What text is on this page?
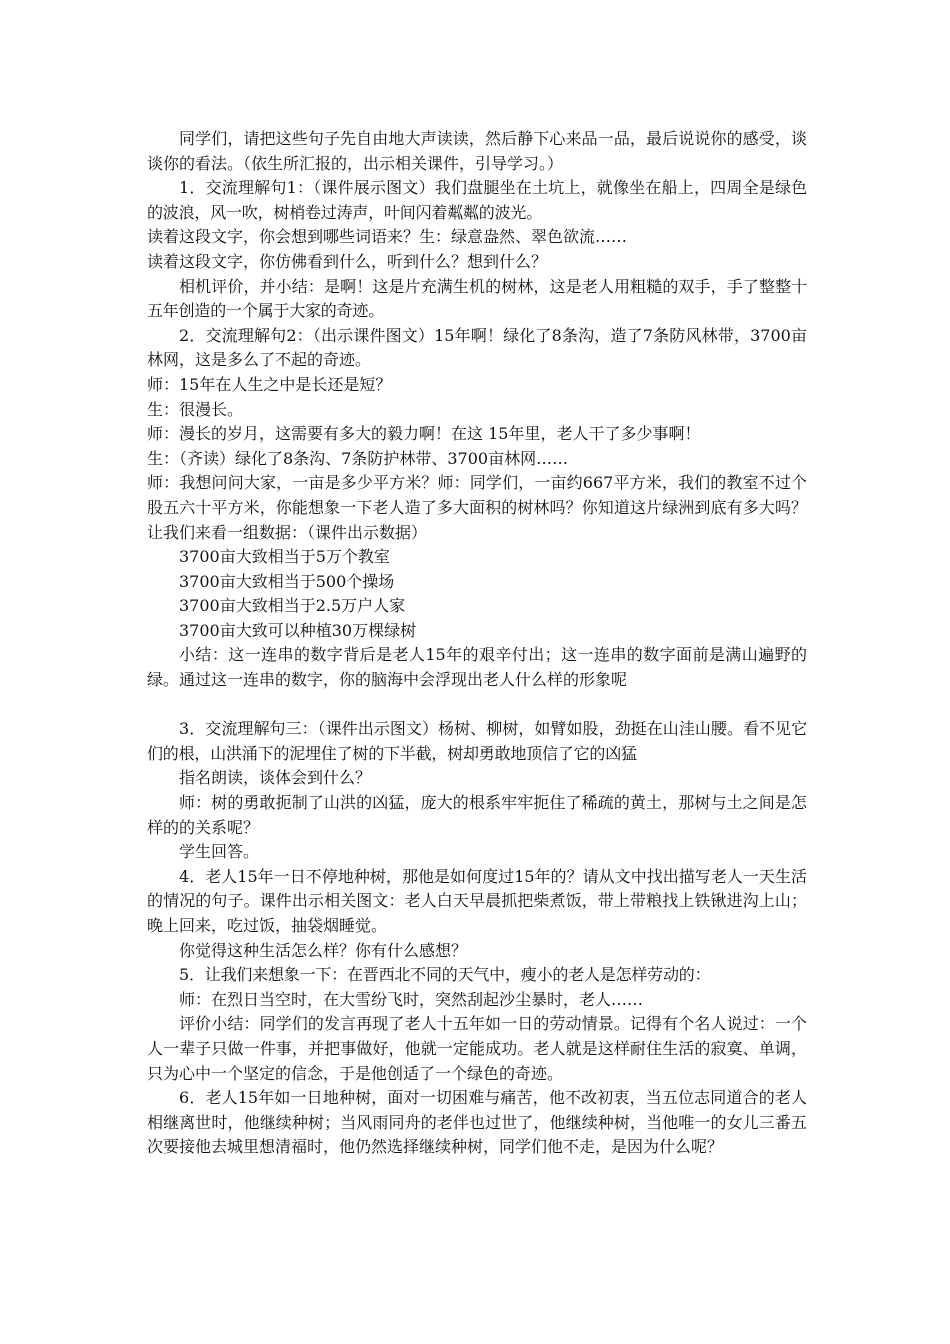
同学们，请把这些句子先自由地大声读读，然后静下心来品一品，最后说说你的感受，谈谈你的看法。（依生所汇报的，出示相关课件，引导学习。）

1．交流理解句1：（课件展示图文）我们盘腿坐在土坑上，就像坐在船上，四周全是绿色的波浪，风一吹，树梢卷过涛声，叶间闪着粼粼的波光。

读着这段文字，你会想到哪些词语来？生：绿意盎然、翠色欲流……

读着这段文字，你仿佛看到什么，听到什么？想到什么？

相机评价，并小结：是啊！这是片充满生机的树林，这是老人用粗糙的双手，手了整整十五年创造的一个属于大家的奇迹。

2．交流理解句2：（出示课件图文）15年啊！绿化了8条沟，造了7条防风林带，3700亩林网，这是多么了不起的奇迹。

师：15年在人生之中是长还是短？

生：很漫长。

师：漫长的岁月，这需要有多大的毅力啊！在这 15年里，老人干了多少事啊！

生：（齐读）绿化了8条沟、7条防护林带、3700亩林网……

师：我想问问大家，一亩是多少平方米？师：同学们，一亩约667平方米，我们的教室不过个股五六十平方米，你能想象一下老人造了多大面积的树林吗？你知道这片绿洲到底有多大吗？让我们来看一组数据：（课件出示数据）

3700亩大致相当于5万个教室

3700亩大致相当于500个操场

3700亩大致相当于2.5万户人家

3700亩大致可以种植30万棵绿树

小结：这一连串的数字背后是老人15年的艰辛付出；这一连串的数字面前是满山遍野的绿。通过这一连串的数字，你的脑海中会浮现出老人什么样的形象呢

3．交流理解句三：（课件出示图文）杨树、柳树，如臂如股，劲挺在山洼山腰。看不见它们的根，山洪涌下的泥埋住了树的下半截，树却勇敢地顶信了它的凶猛

指名朗读，谈体会到什么？

师：树的勇敢扼制了山洪的凶猛，庞大的根系牢牢扼住了稀疏的黄土，那树与土之间是怎样的的关系呢？

学生回答。

4．老人15年一日不停地种树，那他是如何度过15年的？请从文中找出描写老人一天生活的情况的句子。课件出示相关图文：老人白天早晨抓把柴煮饭，带上带粮找上铁锹进沟上山；晚上回来，吃过饭，抽袋烟睡觉。

你觉得这种生活怎么样？你有什么感想？

5．让我们来想象一下：在晋西北不同的天气中，瘦小的老人是怎样劳动的：

师：在烈日当空时，在大雪纷飞时，突然刮起沙尘暴时，老人……

评价小结：同学们的发言再现了老人十五年如一日的劳动情景。记得有个名人说过：一个人一辈子只做一件事，并把事做好，他就一定能成功。老人就是这样耐住生活的寂寞、单调，只为心中一个坚定的信念，于是他创适了一个绿色的奇迹。

6．老人15年如一日地种树，面对一切困难与痛苦，他不改初衷，当五位志同道合的老人相继离世时，他继续种树；当风雨同舟的老伴也过世了，他继续种树，当他唯一的女儿三番五次要接他去城里想清福时，他仍然选择继续种树，同学们他不走，是因为什么呢？
